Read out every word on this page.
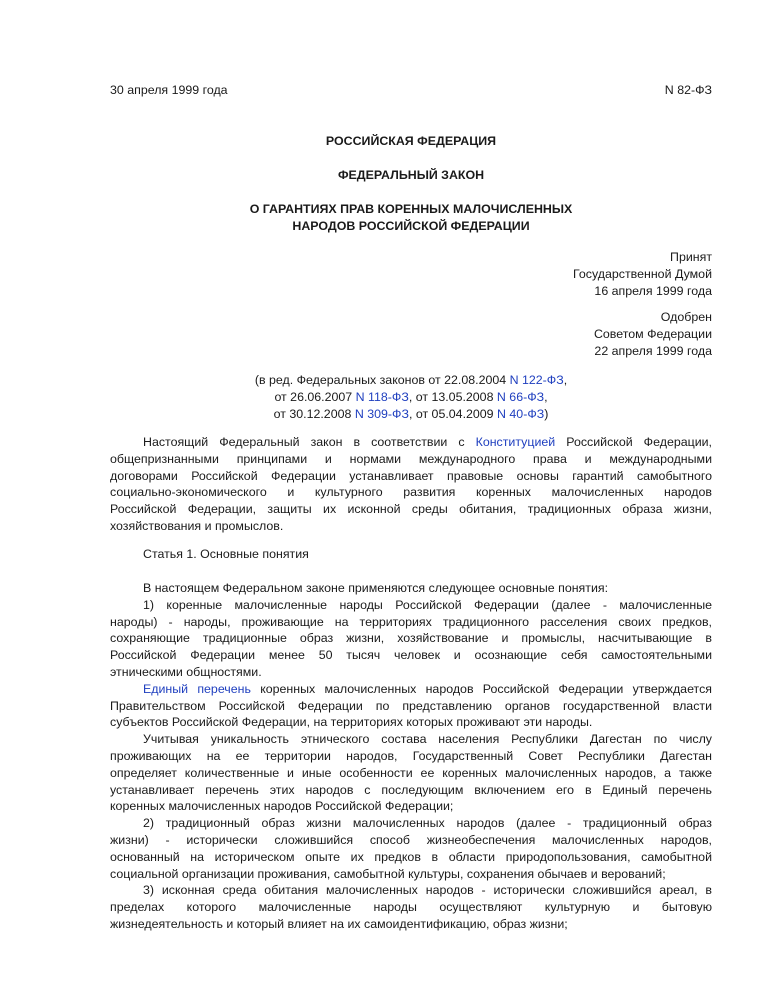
30 апреля 1999 года	N 82-ФЗ
РОССИЙСКАЯ ФЕДЕРАЦИЯ
ФЕДЕРАЛЬНЫЙ ЗАКОН
О ГАРАНТИЯХ ПРАВ КОРЕННЫХ МАЛОЧИСЛЕННЫХ
НАРОДОВ РОССИЙСКОЙ ФЕДЕРАЦИИ
Принят
Государственной Думой
16 апреля 1999 года
Одобрен
Советом Федерации
22 апреля 1999 года
(в ред. Федеральных законов от 22.08.2004 N 122-ФЗ,
от 26.06.2007 N 118-ФЗ, от 13.05.2008 N 66-ФЗ,
от 30.12.2008 N 309-ФЗ, от 05.04.2009 N 40-ФЗ)
Настоящий Федеральный закон в соответствии с Конституцией Российской Федерации,
общепризнанными принципами и нормами международного права и международными
договорами Российской Федерации устанавливает правовые основы гарантий самобытного
социально-экономического и культурного развития коренных малочисленных народов
Российской Федерации, защиты их исконной среды обитания, традиционных образа жизни,
хозяйствования и промыслов.
Статья 1. Основные понятия
В настоящем Федеральном законе применяются следующее основные понятия:
1) коренные малочисленные народы Российской Федерации (далее - малочисленные
народы) - народы, проживающие на территориях традиционного расселения своих предков,
сохраняющие традиционные образ жизни, хозяйствование и промыслы, насчитывающие в
Российской Федерации менее 50 тысяч человек и осознающие себя самостоятельными
этническими общностями.
Единый перечень коренных малочисленных народов Российской Федерации утверждается
Правительством Российской Федерации по представлению органов государственной власти
субъектов Российской Федерации, на территориях которых проживают эти народы.
Учитывая уникальность этнического состава населения Республики Дагестан по числу
проживающих на ее территории народов, Государственный Совет Республики Дагестан
определяет количественные и иные особенности ее коренных малочисленных народов, а также
устанавливает перечень этих народов с последующим включением его в Единый перечень
коренных малочисленных народов Российской Федерации;
2) традиционный образ жизни малочисленных народов (далее - традиционный образ
жизни) - исторически сложившийся способ жизнеобеспечения малочисленных народов,
основанный на историческом опыте их предков в области природопользования, самобытной
социальной организации проживания, самобытной культуры, сохранения обычаев и верований;
3) исконная среда обитания малочисленных народов - исторически сложившийся ареал, в
пределах которого малочисленные народы осуществляют культурную и бытовую
жизнедеятельность и который влияет на их самоидентификацию, образ жизни;
